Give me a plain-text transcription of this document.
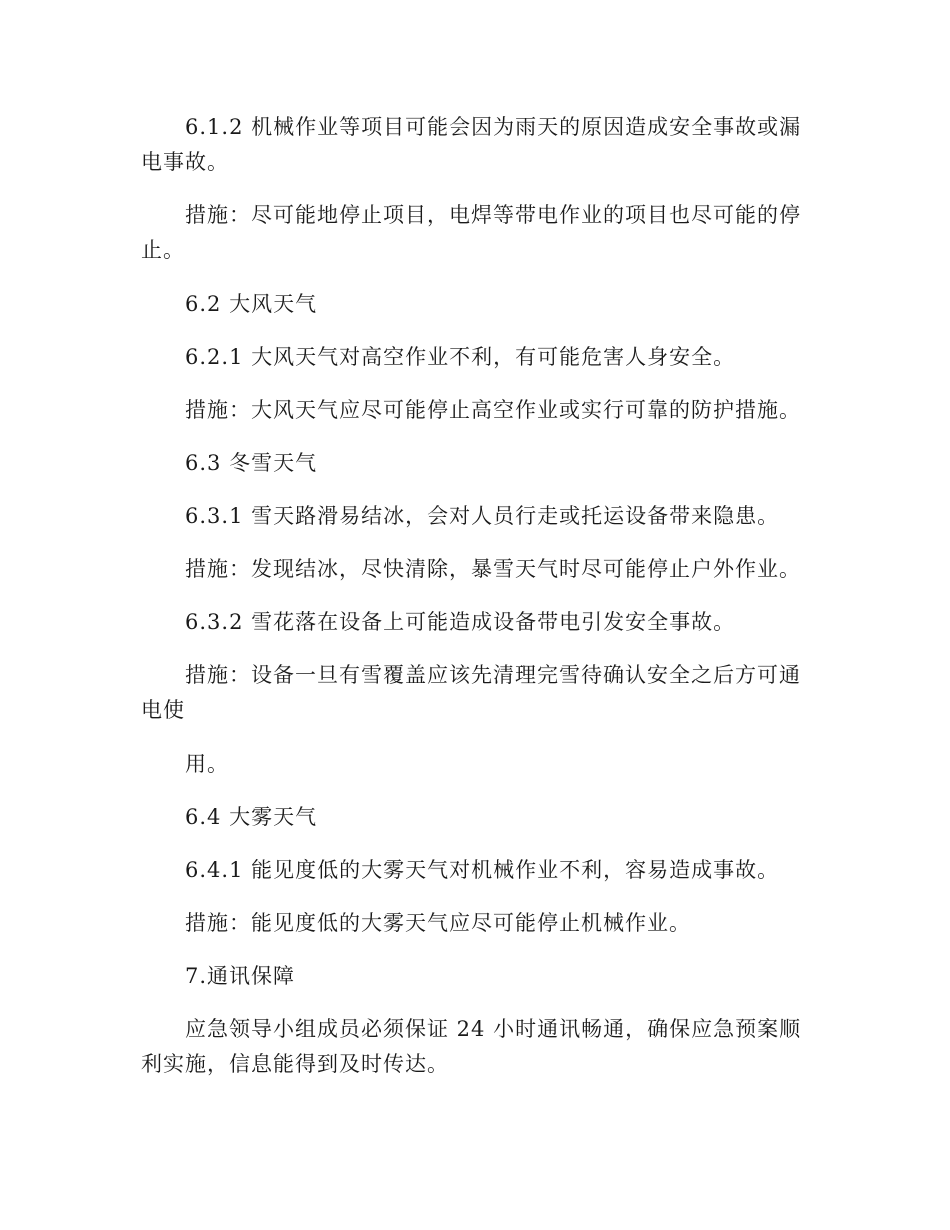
6.1.2 机械作业等项目可能会因为雨天的原因造成安全事故或漏电事故。

措施：尽可能地停止项目，电焊等带电作业的项目也尽可能的停止。

6.2 大风天气

6.2.1 大风天气对高空作业不利，有可能危害人身安全。

措施：大风天气应尽可能停止高空作业或实行可靠的防护措施。

6.3 冬雪天气

6.3.1 雪天路滑易结冰，会对人员行走或托运设备带来隐患。

措施：发现结冰，尽快清除，暴雪天气时尽可能停止户外作业。

6.3.2 雪花落在设备上可能造成设备带电引发安全事故。

措施：设备一旦有雪覆盖应该先清理完雪待确认安全之后方可通电使

用。

6.4 大雾天气

6.4.1 能见度低的大雾天气对机械作业不利，容易造成事故。

措施：能见度低的大雾天气应尽可能停止机械作业。

7.通讯保障

应急领导小组成员必须保证 24 小时通讯畅通，确保应急预案顺利实施，信息能得到及时传达。
